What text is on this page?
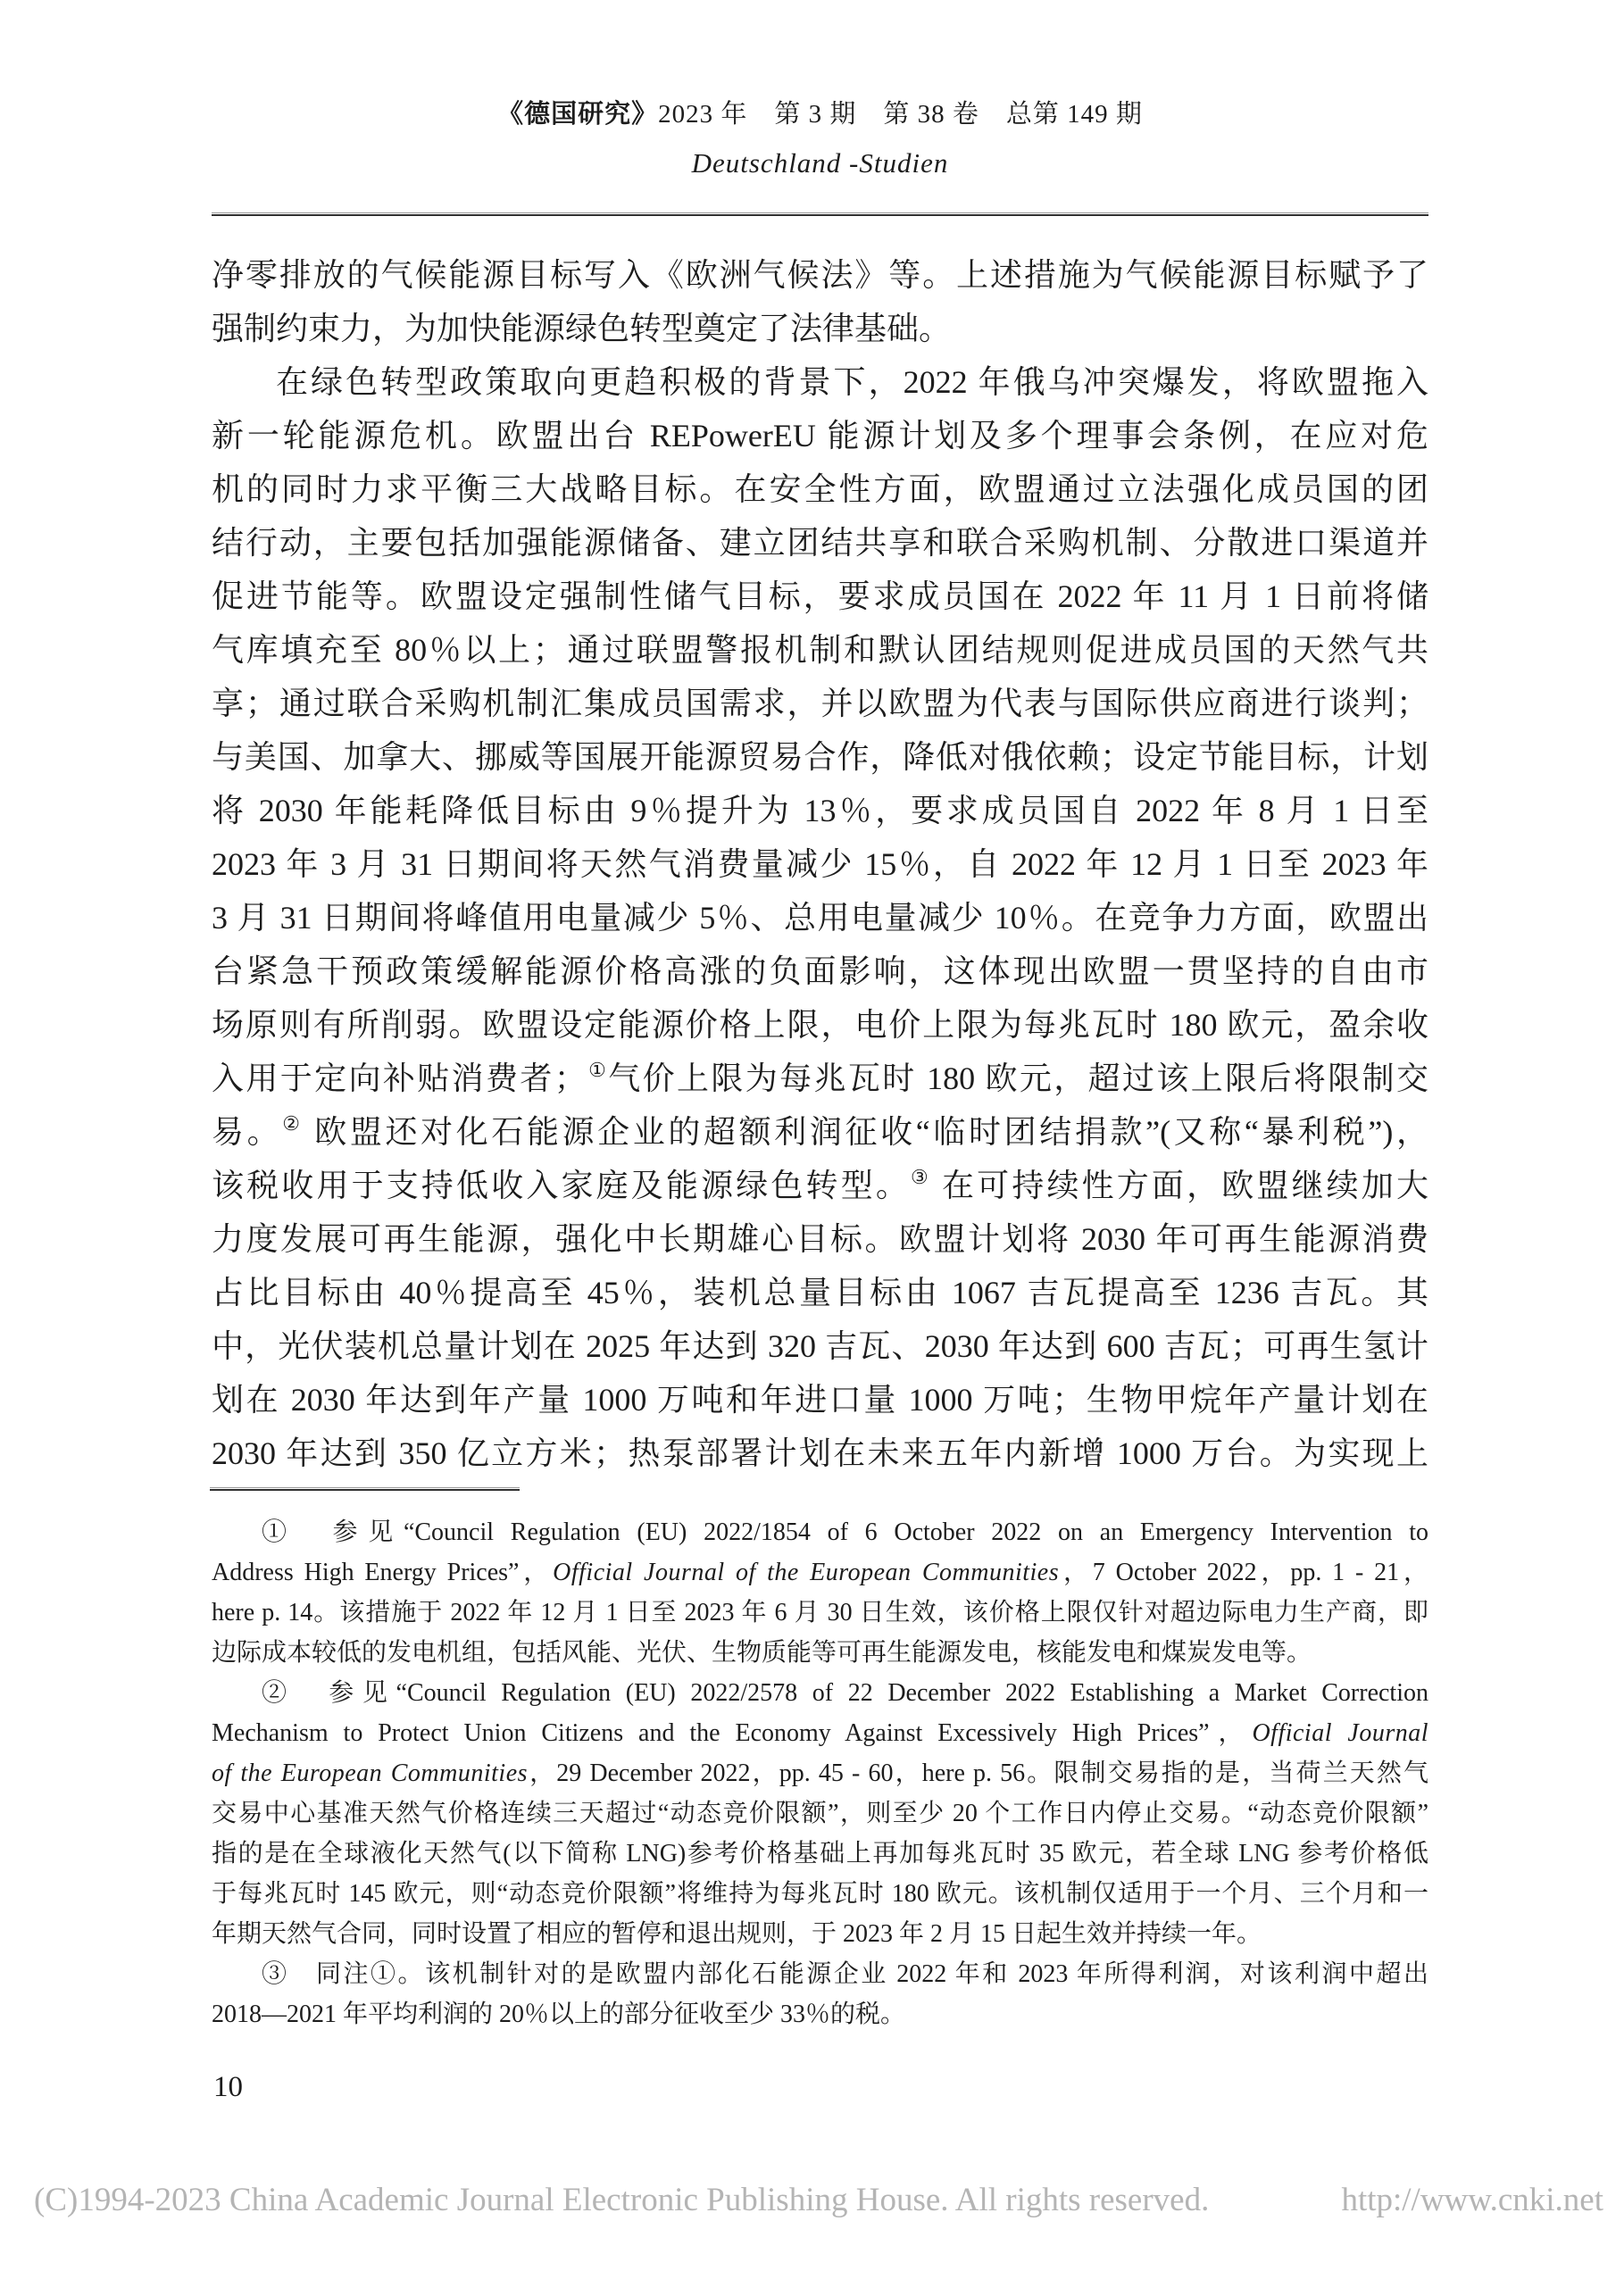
《德国研究》2023 年　第 3 期　第 38 卷　总第 149 期
Deutschland -Studien
净零排放的气候能源目标写入《欧洲气候法》等。上述措施为气候能源目标赋予了
强制约束力，为加快能源绿色转型奠定了法律基础。
在绿色转型政策取向更趋积极的背景下，2022 年俄乌冲突爆发，将欧盟拖入
新一轮能源危机。欧盟出台 REPowerEU 能源计划及多个理事会条例，在应对危
机的同时力求平衡三大战略目标。在安全性方面，欧盟通过立法强化成员国的团
结行动，主要包括加强能源储备、建立团结共享和联合采购机制、分散进口渠道并
促进节能等。欧盟设定强制性储气目标，要求成员国在 2022 年 11 月 1 日前将储
气库填充至 80％以上；通过联盟警报机制和默认团结规则促进成员国的天然气共
享；通过联合采购机制汇集成员国需求，并以欧盟为代表与国际供应商进行谈判；
与美国、加拿大、挪威等国展开能源贸易合作，降低对俄依赖；设定节能目标，计划
将 2030 年能耗降低目标由 9％提升为 13％，要求成员国自 2022 年 8 月 1 日至
2023 年 3 月 31 日期间将天然气消费量减少 15％，自 2022 年 12 月 1 日至 2023 年
3 月 31 日期间将峰值用电量减少 5％、总用电量减少 10％。在竞争力方面，欧盟出
台紧急干预政策缓解能源价格高涨的负面影响，这体现出欧盟一贯坚持的自由市
场原则有所削弱。欧盟设定能源价格上限，电价上限为每兆瓦时 180 欧元，盈余收
入用于定向补贴消费者；①气价上限为每兆瓦时 180 欧元，超过该上限后将限制交
易。② 欧盟还对化石能源企业的超额利润征收“临时团结捐款”(又称“暴利税”)，
该税收用于支持低收入家庭及能源绿色转型。③ 在可持续性方面，欧盟继续加大
力度发展可再生能源，强化中长期雄心目标。欧盟计划将 2030 年可再生能源消费
占比目标由 40％提高至 45％，装机总量目标由 1067 吉瓦提高至 1236 吉瓦。其
中，光伏装机总量计划在 2025 年达到 320 吉瓦、2030 年达到 600 吉瓦；可再生氢计
划在 2030 年达到年产量 1000 万吨和年进口量 1000 万吨；生物甲烷年产量计划在
2030 年达到 350 亿立方米；热泵部署计划在未来五年内新增 1000 万台。为实现上
①　参见“Council Regulation (EU) 2022/1854 of 6 October 2022 on an Emergency Intervention to
Address High Energy Prices”，Official Journal of the European Communities，7 October 2022，pp. 1 - 21，
here p. 14。该措施于 2022 年 12 月 1 日至 2023 年 6 月 30 日生效，该价格上限仅针对超边际电力生产商，即
边际成本较低的发电机组，包括风能、光伏、生物质能等可再生能源发电，核能发电和煤炭发电等。
②　参见“Council Regulation (EU) 2022/2578 of 22 December 2022 Establishing a Market Correction
Mechanism to Protect Union Citizens and the Economy Against Excessively High Prices”，Official Journal
of the European Communities，29 December 2022，pp. 45 - 60，here p. 56。限制交易指的是，当荷兰天然气
交易中心基准天然气价格连续三天超过“动态竞价限额”，则至少 20 个工作日内停止交易。“动态竞价限额”
指的是在全球液化天然气(以下简称 LNG)参考价格基础上再加每兆瓦时 35 欧元，若全球 LNG 参考价格低
于每兆瓦时 145 欧元，则“动态竞价限额”将维持为每兆瓦时 180 欧元。该机制仅适用于一个月、三个月和一
年期天然气合同，同时设置了相应的暂停和退出规则，于 2023 年 2 月 15 日起生效并持续一年。
③　同注①。该机制针对的是欧盟内部化石能源企业 2022 年和 2023 年所得利润，对该利润中超出
2018—2021 年平均利润的 20％以上的部分征收至少 33％的税。
10
(C)1994-2023 China Academic Journal Electronic Publishing House. All rights reserved.	http://www.cnki.net
